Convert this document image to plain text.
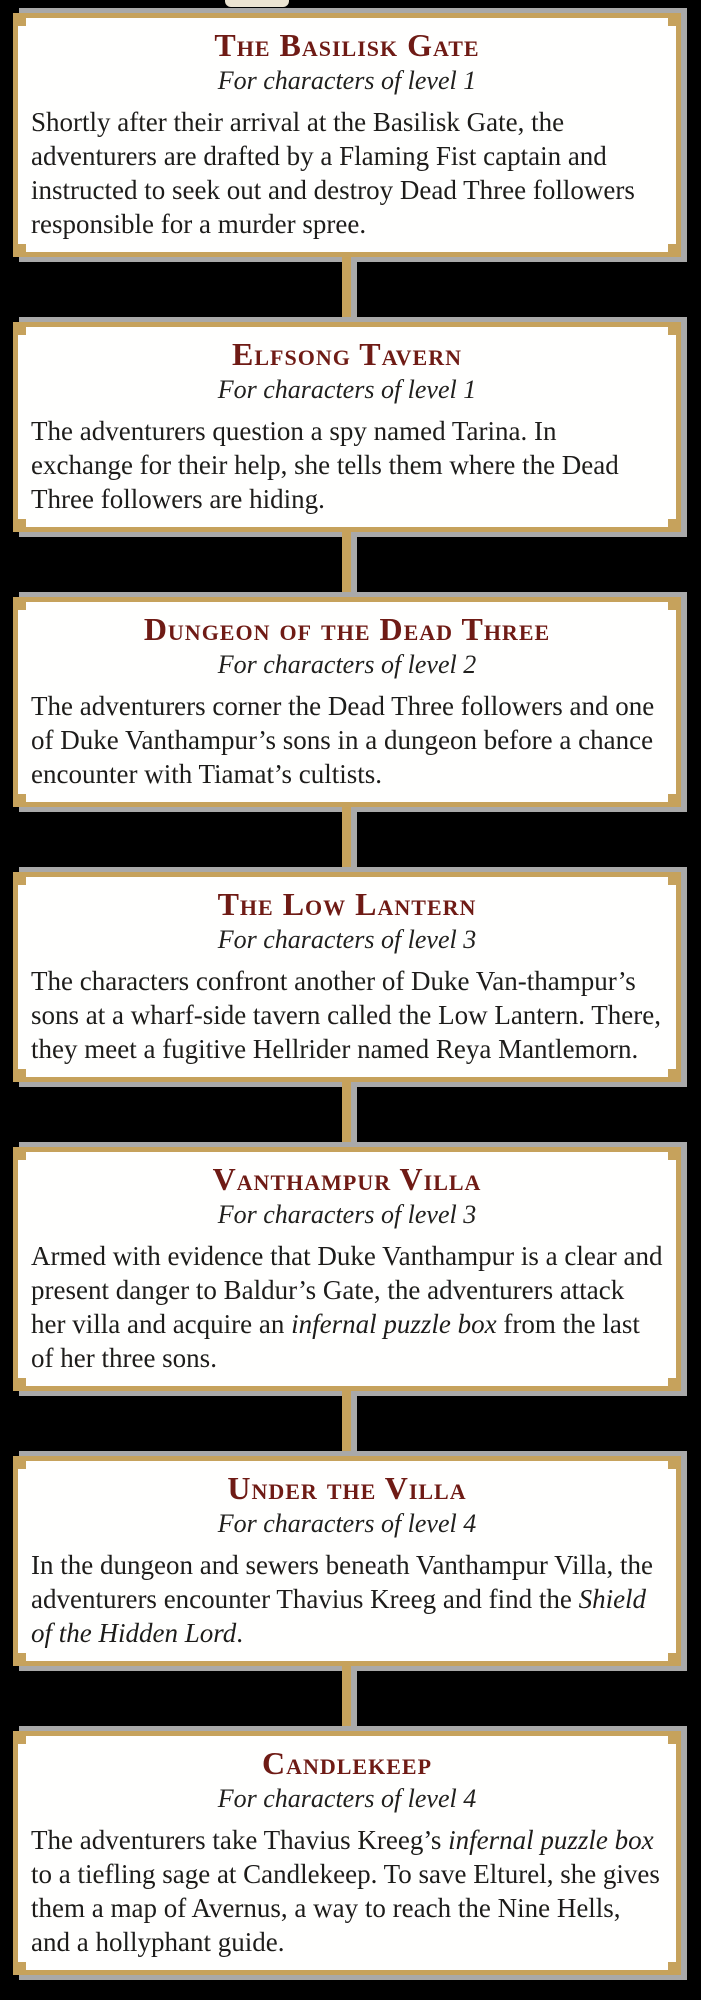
The Basilisk Gate
For characters of level 1
Shortly after their arrival at the Basilisk Gate, the adventurers are drafted by a Flaming Fist captain and instructed to seek out and destroy Dead Three followers responsible for a murder spree.
Elfsong Tavern
For characters of level 1
The adventurers question a spy named Tarina. In exchange for their help, she tells them where the Dead Three followers are hiding.
Dungeon of the Dead Three
For characters of level 2
The adventurers corner the Dead Three followers and one of Duke Vanthampur’s sons in a dungeon before a chance encounter with Tiamat’s cultists.
The Low Lantern
For characters of level 3
The characters confront another of Duke Van-thampur’s sons at a wharf-side tavern called the Low Lantern. There, they meet a fugitive Hellrider named Reya Mantlemorn.
Vanthampur Villa
For characters of level 3
Armed with evidence that Duke Vanthampur is a clear and present danger to Baldur’s Gate, the adventurers attack her villa and acquire an infernal puzzle box from the last of her three sons.
Under the Villa
For characters of level 4
In the dungeon and sewers beneath Vanthampur Villa, the adventurers encounter Thavius Kreeg and find the Shield of the Hidden Lord.
Candlekeep
For characters of level 4
The adventurers take Thavius Kreeg’s infernal puzzle box to a tiefling sage at Candlekeep. To save Elturel, she gives them a map of Avernus, a way to reach the Nine Hells, and a hollyphant guide.
